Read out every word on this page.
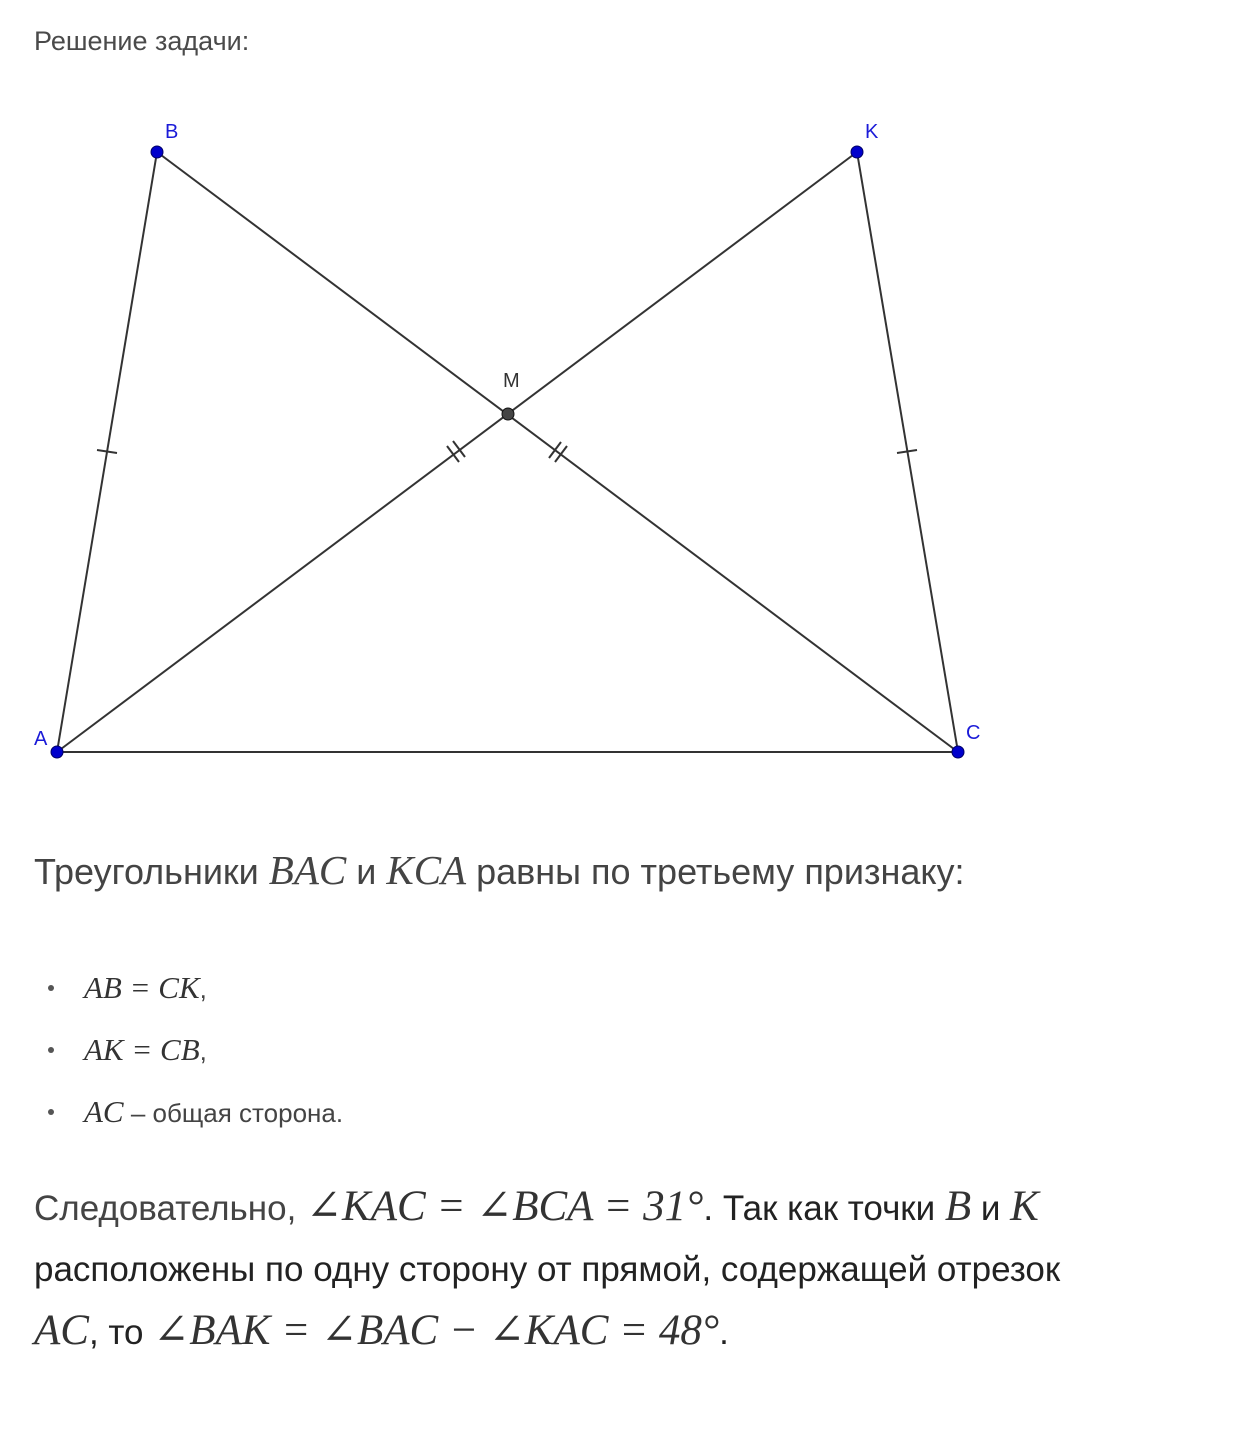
Решение задачи:
B	K
A	C
M
Треугольники BAC и KCA равны по третьему признаку:
AB = CK,
AK = CB,
AC – общая сторона.
Следовательно, ∠KAC = ∠BCA = 31°. Так как точки B и K
расположены по одну сторону от прямой, содержащей отрезок
AC, то ∠BAK = ∠BAC − ∠KAC = 48°.
